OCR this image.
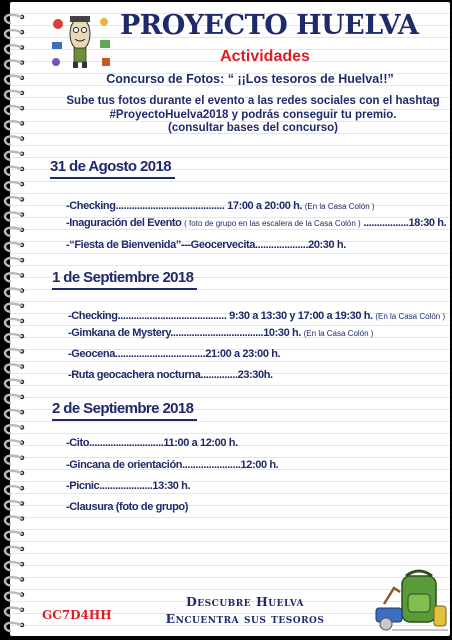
PROYECTO HUELVA
Actividades
Concurso de Fotos: “ ¡¡Los tesoros de Huelva!!”
Sube tus fotos durante el evento a las redes sociales con el hashtag
#ProyectoHuelva2018 y podrás conseguir tu premio.
(consultar bases del concurso)
31 de Agosto 2018
-Checking......................................... 17:00 a 20:00 h. (En la Casa Colón )
-Inaguración del Evento ( foto de grupo en las escalera de la Casa Colón ) .................18:30 h.
-“Fiesta de Bienvenida”---Geocervecita....................20:30 h.
1 de Septiembre 2018
-Checking......................................... 9:30 a 13:30 y 17:00 a 19:30 h. (En la Casa Colón )
-Gimkana de Mystery...................................10:30 h. (En la Casa Colón )
-Geocena..................................21:00 a 23:00 h.
-Ruta geocachera nocturna..............23:30h.
2 de Septiembre 2018
-Cito............................11:00 a 12:00 h.
-Gincana de orientación......................12:00 h.
-Picnic....................13:30 h.
-Clausura (foto de grupo)
GC7D4HH
Descubre Huelva
Encuentra sus tesoros
